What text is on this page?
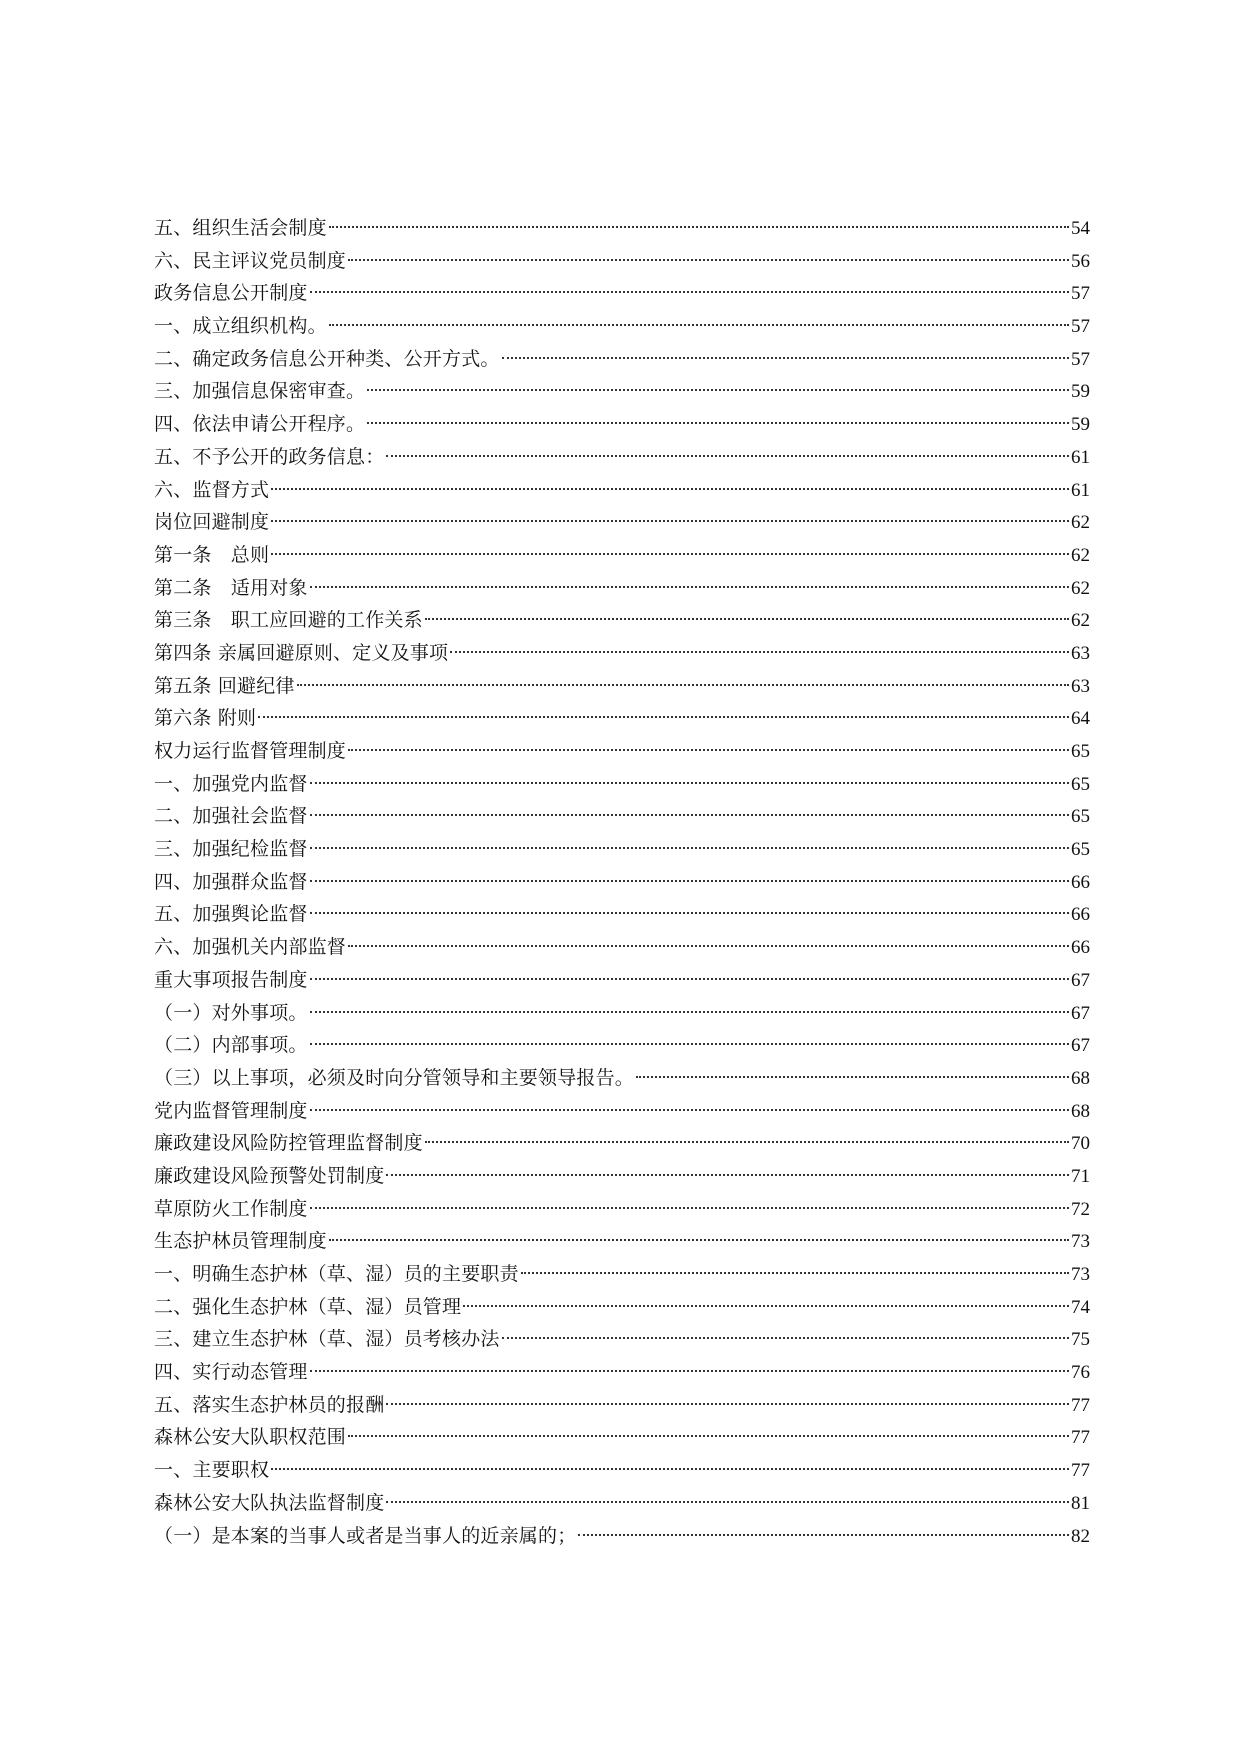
五、组织生活会制度	54
六、民主评议党员制度	56
政务信息公开制度	57
一、成立组织机构。	57
二、确定政务信息公开种类、公开方式。	57
三、加强信息保密审查。	59
四、依法申请公开程序。	59
五、不予公开的政务信息：	61
六、监督方式	61
岗位回避制度	62
第一条　总则	62
第二条　适用对象	62
第三条　职工应回避的工作关系	62
第四条 亲属回避原则、定义及事项	63
第五条 回避纪律	63
第六条 附则	64
权力运行监督管理制度	65
一、加强党内监督	65
二、加强社会监督	65
三、加强纪检监督	65
四、加强群众监督	66
五、加强舆论监督	66
六、加强机关内部监督	66
重大事项报告制度	67
（一）对外事项。	67
（二）内部事项。	67
（三）以上事项，必须及时向分管领导和主要领导报告。	68
党内监督管理制度	68
廉政建设风险防控管理监督制度	70
廉政建设风险预警处罚制度	71
草原防火工作制度	72
生态护林员管理制度	73
一、明确生态护林（草、湿）员的主要职责	73
二、强化生态护林（草、湿）员管理	74
三、建立生态护林（草、湿）员考核办法	75
四、实行动态管理	76
五、落实生态护林员的报酬	77
森林公安大队职权范围	77
一、主要职权	77
森林公安大队执法监督制度	81
（一）是本案的当事人或者是当事人的近亲属的；	82
